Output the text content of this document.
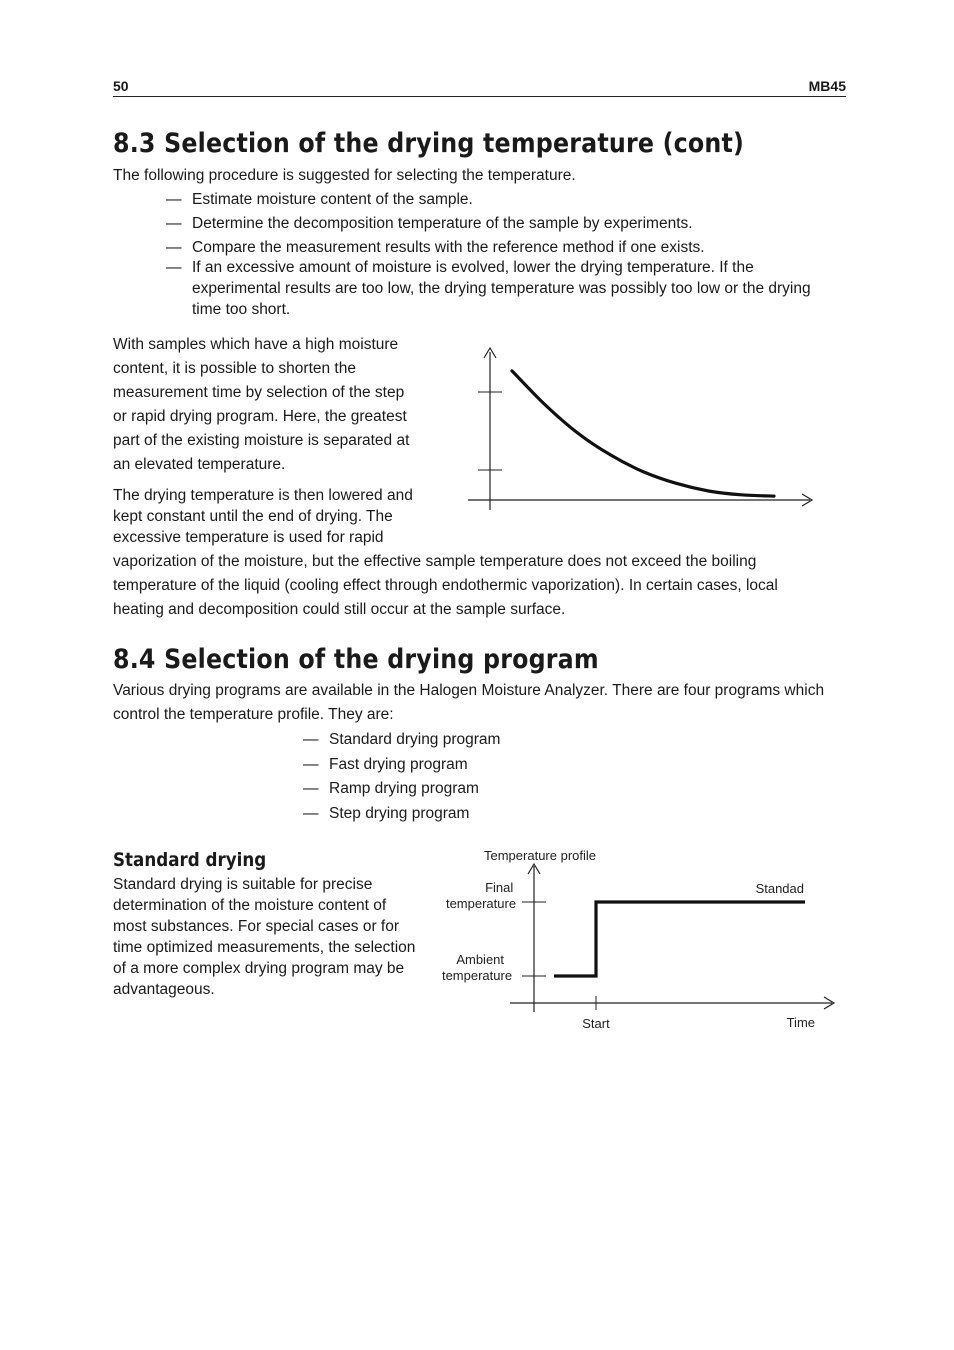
50	MB45
8.3 Selection of the drying temperature (cont)

The following procedure is suggested for selecting the temperature.

— Estimate moisture content of the sample.
— Determine the decomposition temperature of the sample by experiments.
— Compare the measurement results with the reference method if one exists.
— If an excessive amount of moisture is evolved, lower the drying temperature. If the experimental results are too low, the drying temperature was possibly too low or the drying time too short.
With samples which have a high moisture
content, it is possible to shorten the
measurement time by selection of the step
or rapid drying program. Here, the greatest
part of the existing moisture is separated at
an elevated temperature.
The drying temperature is then lowered and
kept constant until the end of drying. The
excessive temperature is used for rapid
vaporization of the moisture, but the effective sample temperature does not exceed the boiling
temperature of the liquid (cooling effect through endothermic vaporization). In certain cases, local
heating and decomposition could still occur at the sample surface.
8.4 Selection of the drying program
Various drying programs are available in the Halogen Moisture Analyzer. There are four programs which
control the temperature profile. They are:
— Standard drying program
— Fast drying program
— Ramp drying program
— Step drying program
Standard drying
Standard drying is suitable for precise
determination of the moisture content of
most substances. For special cases or for
time optimized measurements, the selection
of a more complex drying program may be
advantageous.
Temperature profile
Final temperature
Ambient temperature
Start	Time
Standad
